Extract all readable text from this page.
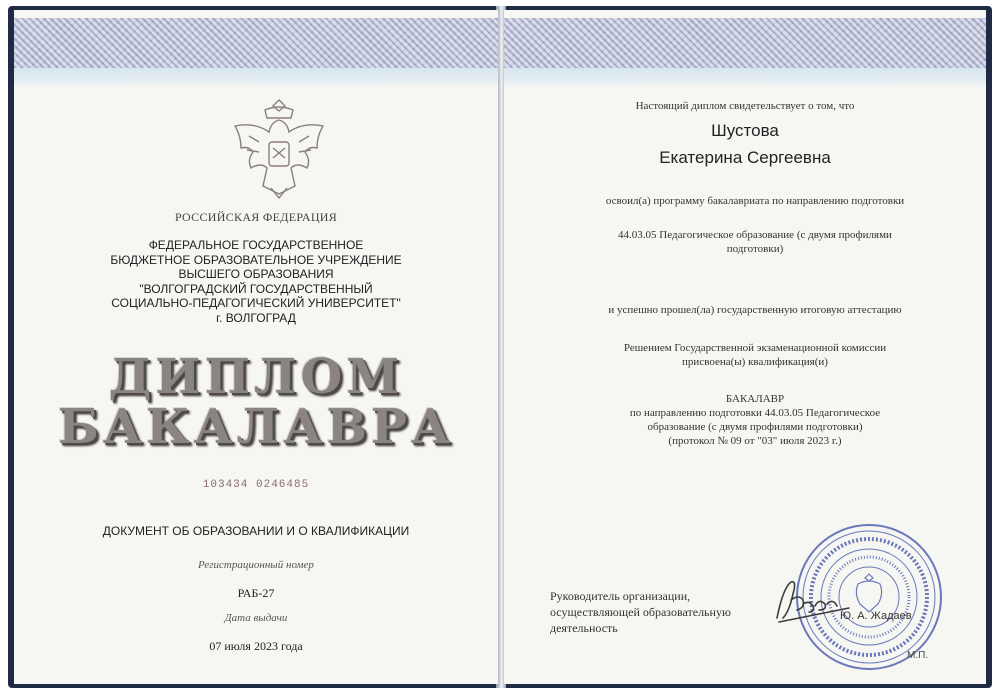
РОССИЙСКАЯ ФЕДЕРАЦИЯ
ФЕДЕРАЛЬНОЕ ГОСУДАРСТВЕННОЕ
БЮДЖЕТНОЕ ОБРАЗОВАТЕЛЬНОЕ УЧРЕЖДЕНИЕ
ВЫСШЕГО ОБРАЗОВАНИЯ
"ВОЛГОГРАДСКИЙ ГОСУДАРСТВЕННЫЙ
СОЦИАЛЬНО-ПЕДАГОГИЧЕСКИЙ УНИВЕРСИТЕТ"
г. ВОЛГОГРАД
ДИПЛОМ
БАКАЛАВРА
103434 0246485
ДОКУМЕНТ ОБ ОБРАЗОВАНИИ И О КВАЛИФИКАЦИИ
Регистрационный номер
РАБ-27
Дата выдачи
07 июля 2023 года
Настоящий диплом свидетельствует о том, что
Шустова
Екатерина Сергеевна
освоил(а) программу бакалавриата по направлению подготовки
44.03.05 Педагогическое образование (с двумя профилями
подготовки)
и успешно прошел(ла) государственную итоговую аттестацию
Решением Государственной экзаменационной комиссии
присвоена(ы) квалификация(и)
БАКАЛАВР
по направлению подготовки 44.03.05 Педагогическое
образование (с двумя профилями подготовки)
(протокол № 09 от "03" июля 2023 г.)
Руководитель организации,
осуществляющей образовательную
деятельность
Ю. А. Жадаев
М.П.
